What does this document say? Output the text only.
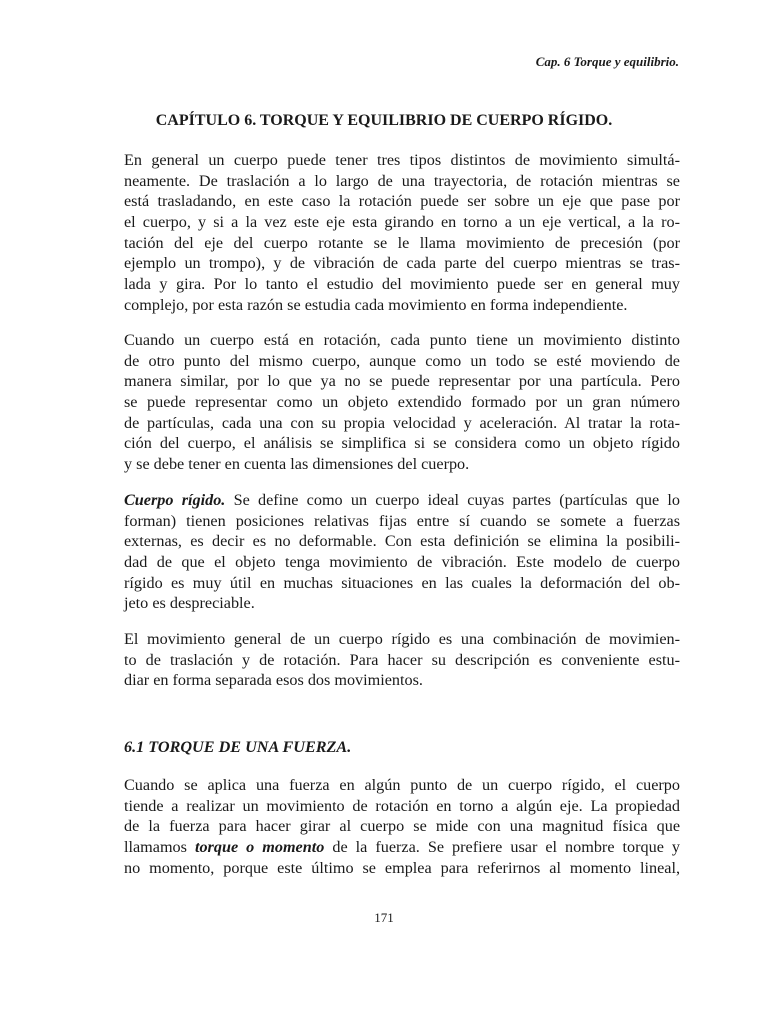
Cap. 6 Torque y equilibrio.
CAPÍTULO 6. TORQUE Y EQUILIBRIO DE CUERPO RÍGIDO.
En general un cuerpo puede tener tres tipos distintos de movimiento simultá-
neamente. De traslación a lo largo de una trayectoria, de rotación mientras se
está trasladando, en este caso la rotación puede ser sobre un eje que pase por
el cuerpo, y si a la vez este eje esta girando en torno a un eje vertical, a la ro-
tación del eje del cuerpo rotante se le llama movimiento de precesión (por
ejemplo un trompo), y de vibración de cada parte del cuerpo mientras se tras-
lada y gira. Por lo tanto el estudio del movimiento puede ser en general muy
complejo, por esta razón se estudia cada movimiento en forma independiente.
Cuando un cuerpo está en rotación, cada punto tiene un movimiento distinto
de otro punto del mismo cuerpo, aunque como un todo se esté moviendo de
manera similar, por lo que ya no se puede representar por una partícula. Pero
se puede representar como un objeto extendido formado por un gran número
de partículas, cada una con su propia velocidad y aceleración. Al tratar la rota-
ción del cuerpo, el análisis se simplifica si se considera como un objeto rígido
y se debe tener en cuenta las dimensiones del cuerpo.
Cuerpo rígido. Se define como un cuerpo ideal cuyas partes (partículas que lo
forman) tienen posiciones relativas fijas entre sí cuando se somete a fuerzas
externas, es decir es no deformable. Con esta definición se elimina la posibili-
dad de que el objeto tenga movimiento de vibración. Este modelo de cuerpo
rígido es muy útil en muchas situaciones en las cuales la deformación del ob-
jeto es despreciable.
El movimiento general de un cuerpo rígido es una combinación de movimien-
to de traslación y de rotación. Para hacer su descripción es conveniente estu-
diar en forma separada esos dos movimientos.
6.1 TORQUE DE UNA FUERZA.
Cuando se aplica una fuerza en algún punto de un cuerpo rígido, el cuerpo
tiende a realizar un movimiento de rotación en torno a algún eje. La propiedad
de la fuerza para hacer girar al cuerpo se mide con una magnitud física que
llamamos torque o momento de la fuerza. Se prefiere usar el nombre torque y
no momento, porque este último se emplea para referirnos al momento lineal,
171
